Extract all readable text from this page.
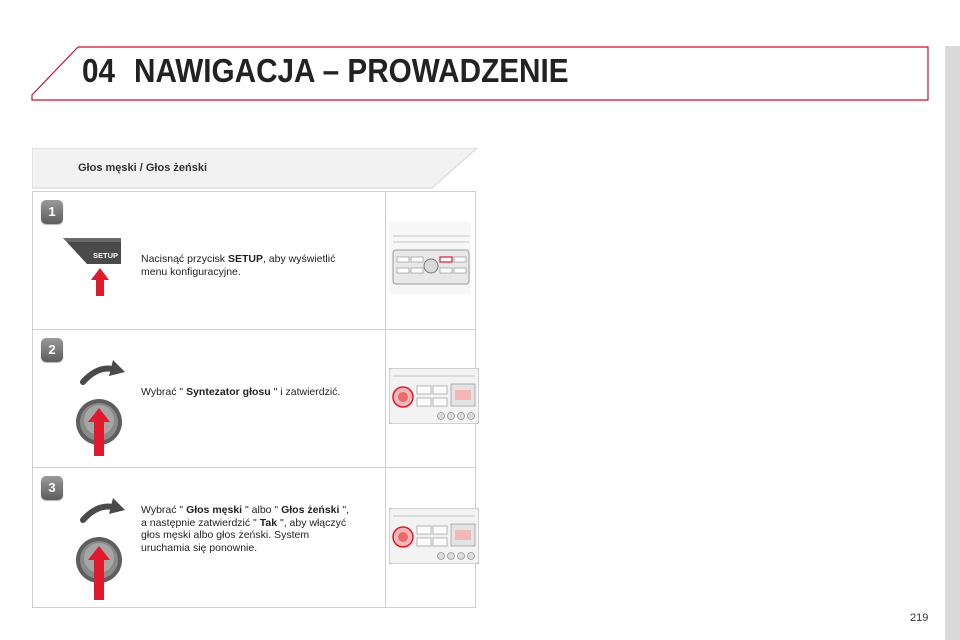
04 NAWIGACJA – PROWADZENIE
Głos męski / Głos żeński
1
SETUP Nacisnąć przycisk SETUP, aby wyświetlić menu konfiguracyjne.
2
Wybrać " Syntezator głosu " i zatwierdzić.
3
Wybrać " Głos męski " albo " Głos żeński ", a następnie zatwierdzić " Tak ", aby włączyć głos męski albo głos żeński. System uruchamia się ponownie.
219
